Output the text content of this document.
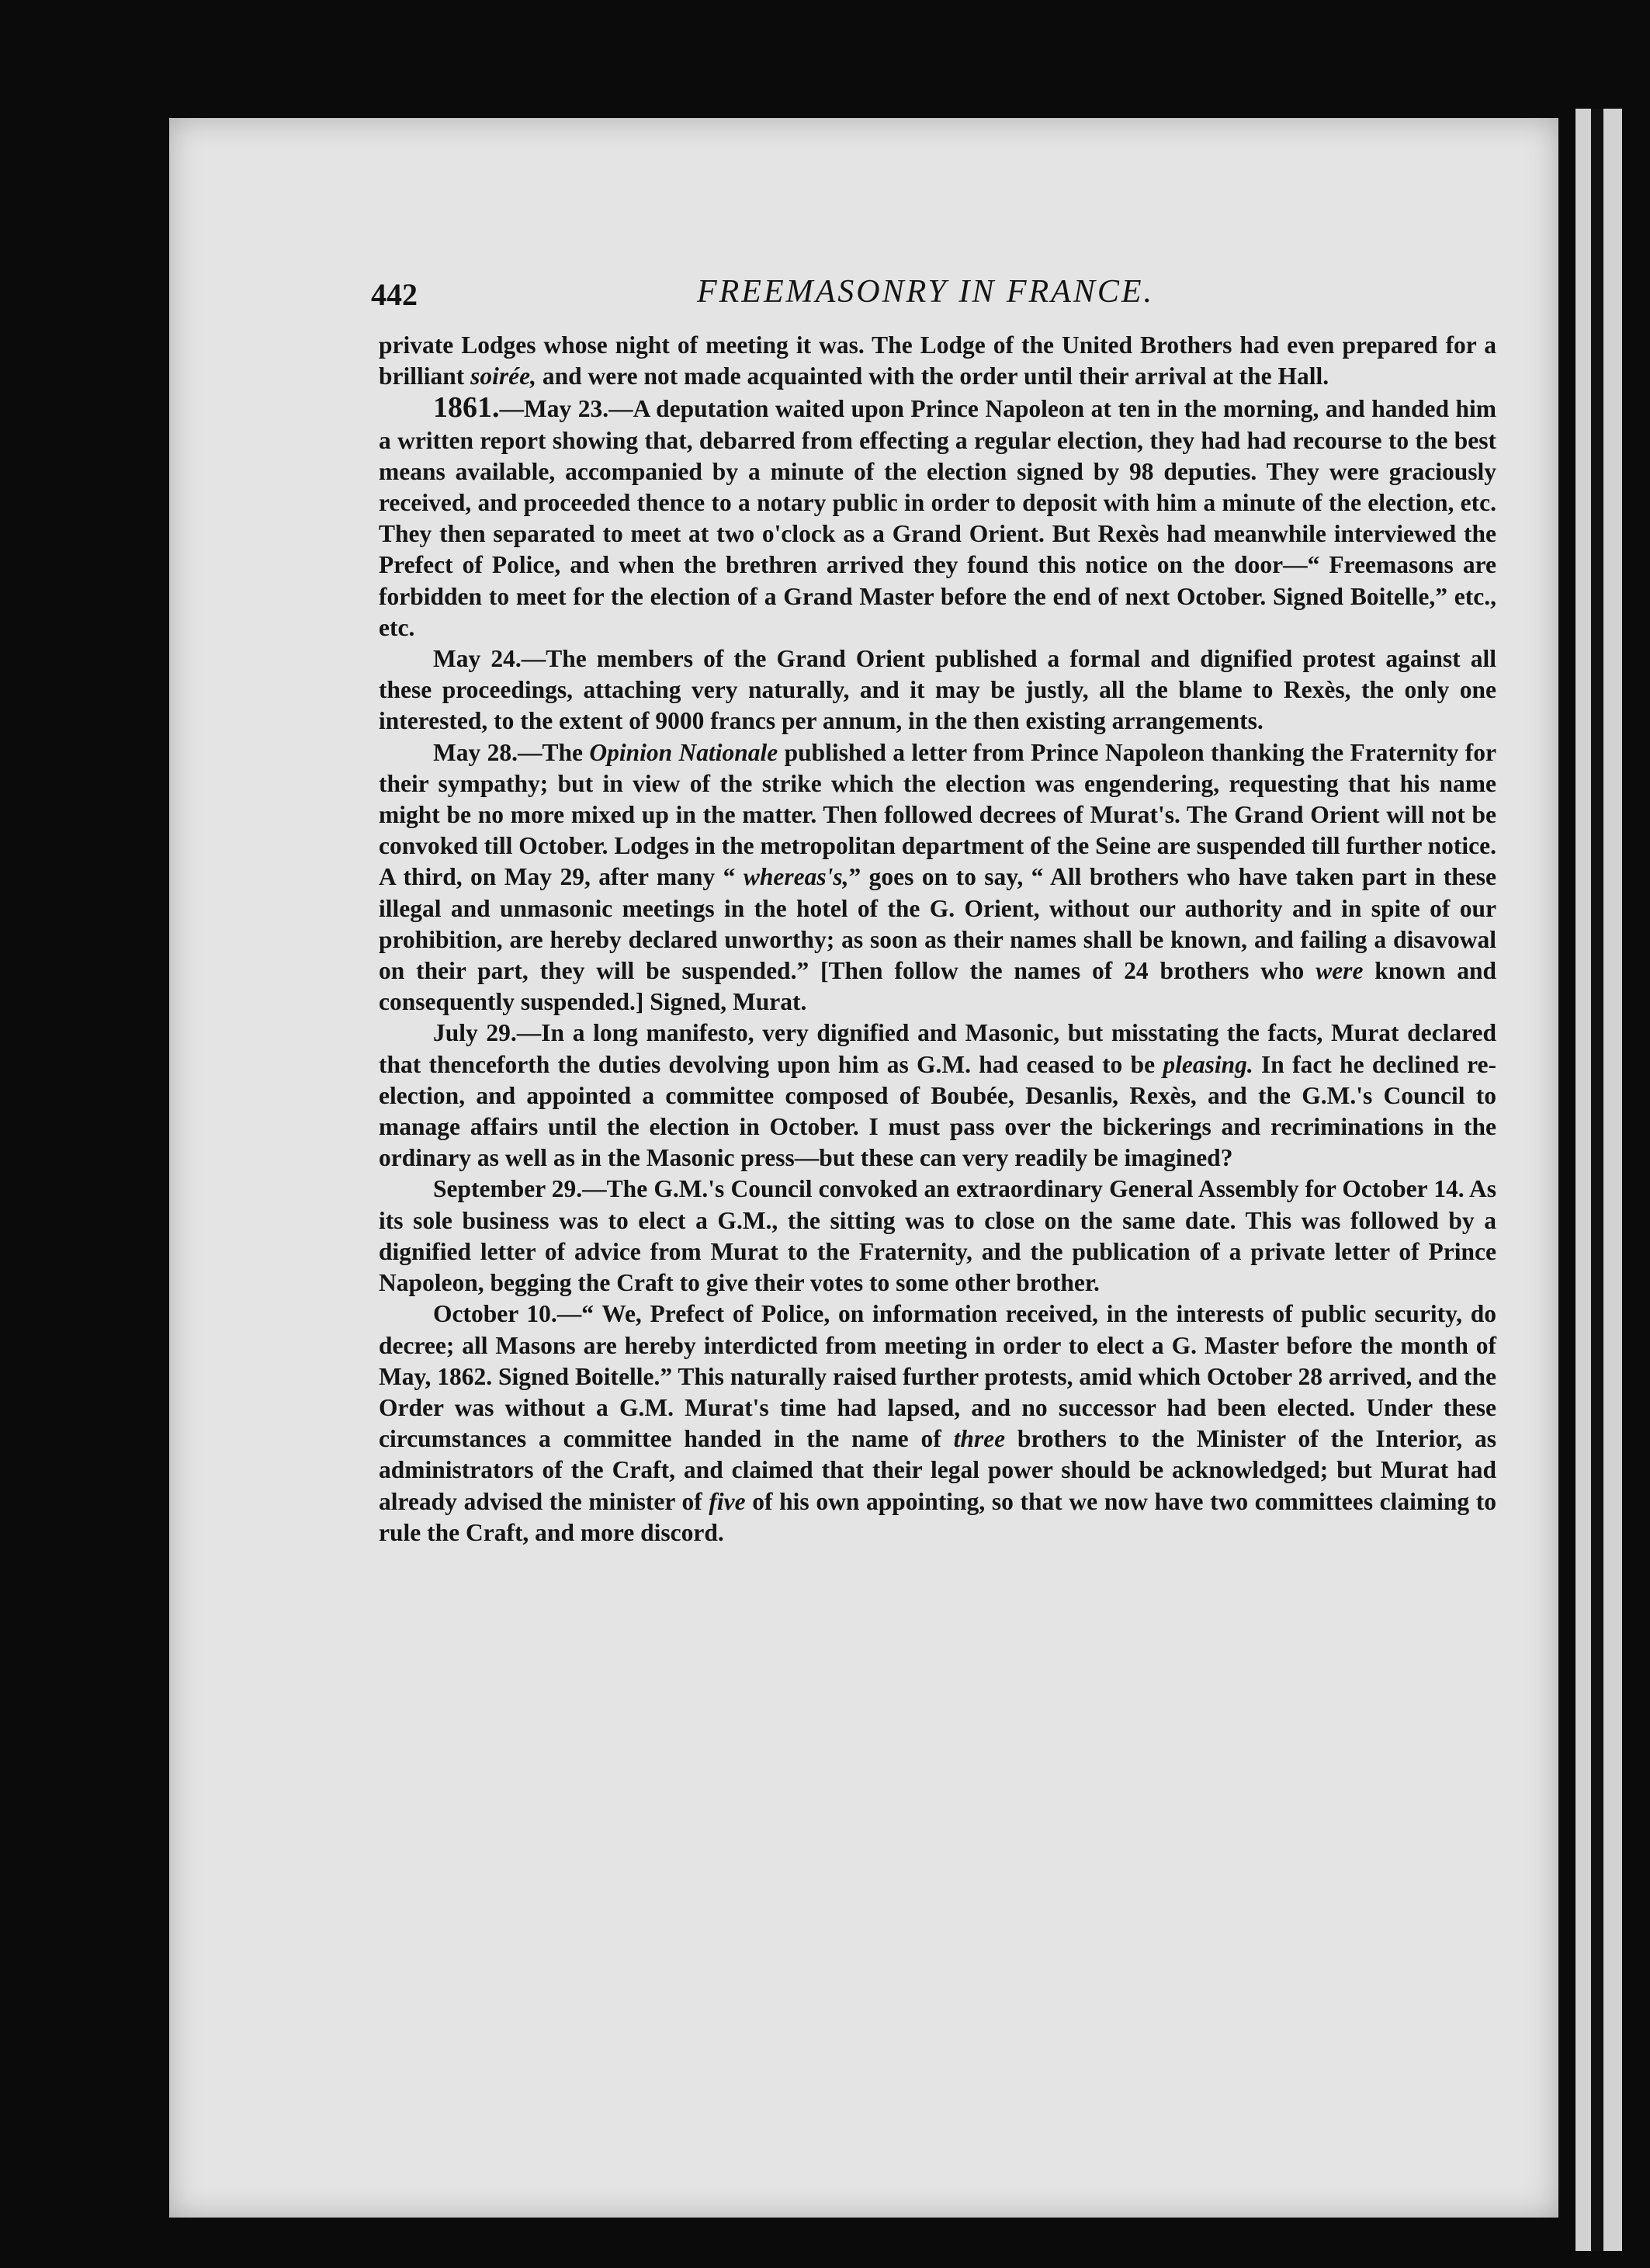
442	FREEMASONRY IN FRANCE.

private Lodges whose night of meeting it was. The Lodge of the United Brothers had even prepared for a brilliant soirée, and were not made acquainted with the order until their arrival at the Hall.

1861.—May 23.—A deputation waited upon Prince Napoleon at ten in the morning, and handed him a written report showing that, debarred from effecting a regular election, they had had recourse to the best means available, accompanied by a minute of the election signed by 98 deputies. They were graciously received, and proceeded thence to a notary public in order to deposit with him a minute of the election, etc. They then separated to meet at two o'clock as a Grand Orient. But Rexès had meanwhile interviewed the Prefect of Police, and when the brethren arrived they found this notice on the door—“ Freemasons are forbidden to meet for the election of a Grand Master before the end of next October. Signed Boitelle,” etc., etc.

May 24.—The members of the Grand Orient published a formal and dignified protest against all these proceedings, attaching very naturally, and it may be justly, all the blame to Rexès, the only one interested, to the extent of 9000 francs per annum, in the then existing arrangements.

May 28.—The Opinion Nationale published a letter from Prince Napoleon thanking the Fraternity for their sympathy; but in view of the strike which the election was engendering, requesting that his name might be no more mixed up in the matter. Then followed decrees of Murat's. The Grand Orient will not be convoked till October. Lodges in the metropolitan department of the Seine are suspended till further notice. A third, on May 29, after many “ whereas's,” goes on to say, “ All brothers who have taken part in these illegal and unmasonic meetings in the hotel of the G. Orient, without our authority and in spite of our prohibition, are hereby declared unworthy; as soon as their names shall be known, and failing a disavowal on their part, they will be suspended.” [Then follow the names of 24 brothers who were known and consequently suspended.] Signed, Murat.

July 29.—In a long manifesto, very dignified and Masonic, but misstating the facts, Murat declared that thenceforth the duties devolving upon him as G.M. had ceased to be pleasing. In fact he declined re-election, and appointed a committee composed of Boubée, Desanlis, Rexès, and the G.M.'s Council to manage affairs until the election in October. I must pass over the bickerings and recriminations in the ordinary as well as in the Masonic press—but these can very readily be imagined?

September 29.—The G.M.'s Council convoked an extraordinary General Assembly for October 14. As its sole business was to elect a G.M., the sitting was to close on the same date. This was followed by a dignified letter of advice from Murat to the Fraternity, and the publication of a private letter of Prince Napoleon, begging the Craft to give their votes to some other brother.

October 10.—“ We, Prefect of Police, on information received, in the interests of public security, do decree; all Masons are hereby interdicted from meeting in order to elect a G. Master before the month of May, 1862. Signed Boitelle.” This naturally raised further protests, amid which October 28 arrived, and the Order was without a G.M. Murat's time had lapsed, and no successor had been elected. Under these circumstances a committee handed in the name of three brothers to the Minister of the Interior, as administrators of the Craft, and claimed that their legal power should be acknowledged; but Murat had already advised the minister of five of his own appointing, so that we now have two committees claiming to rule the Craft, and more discord.
